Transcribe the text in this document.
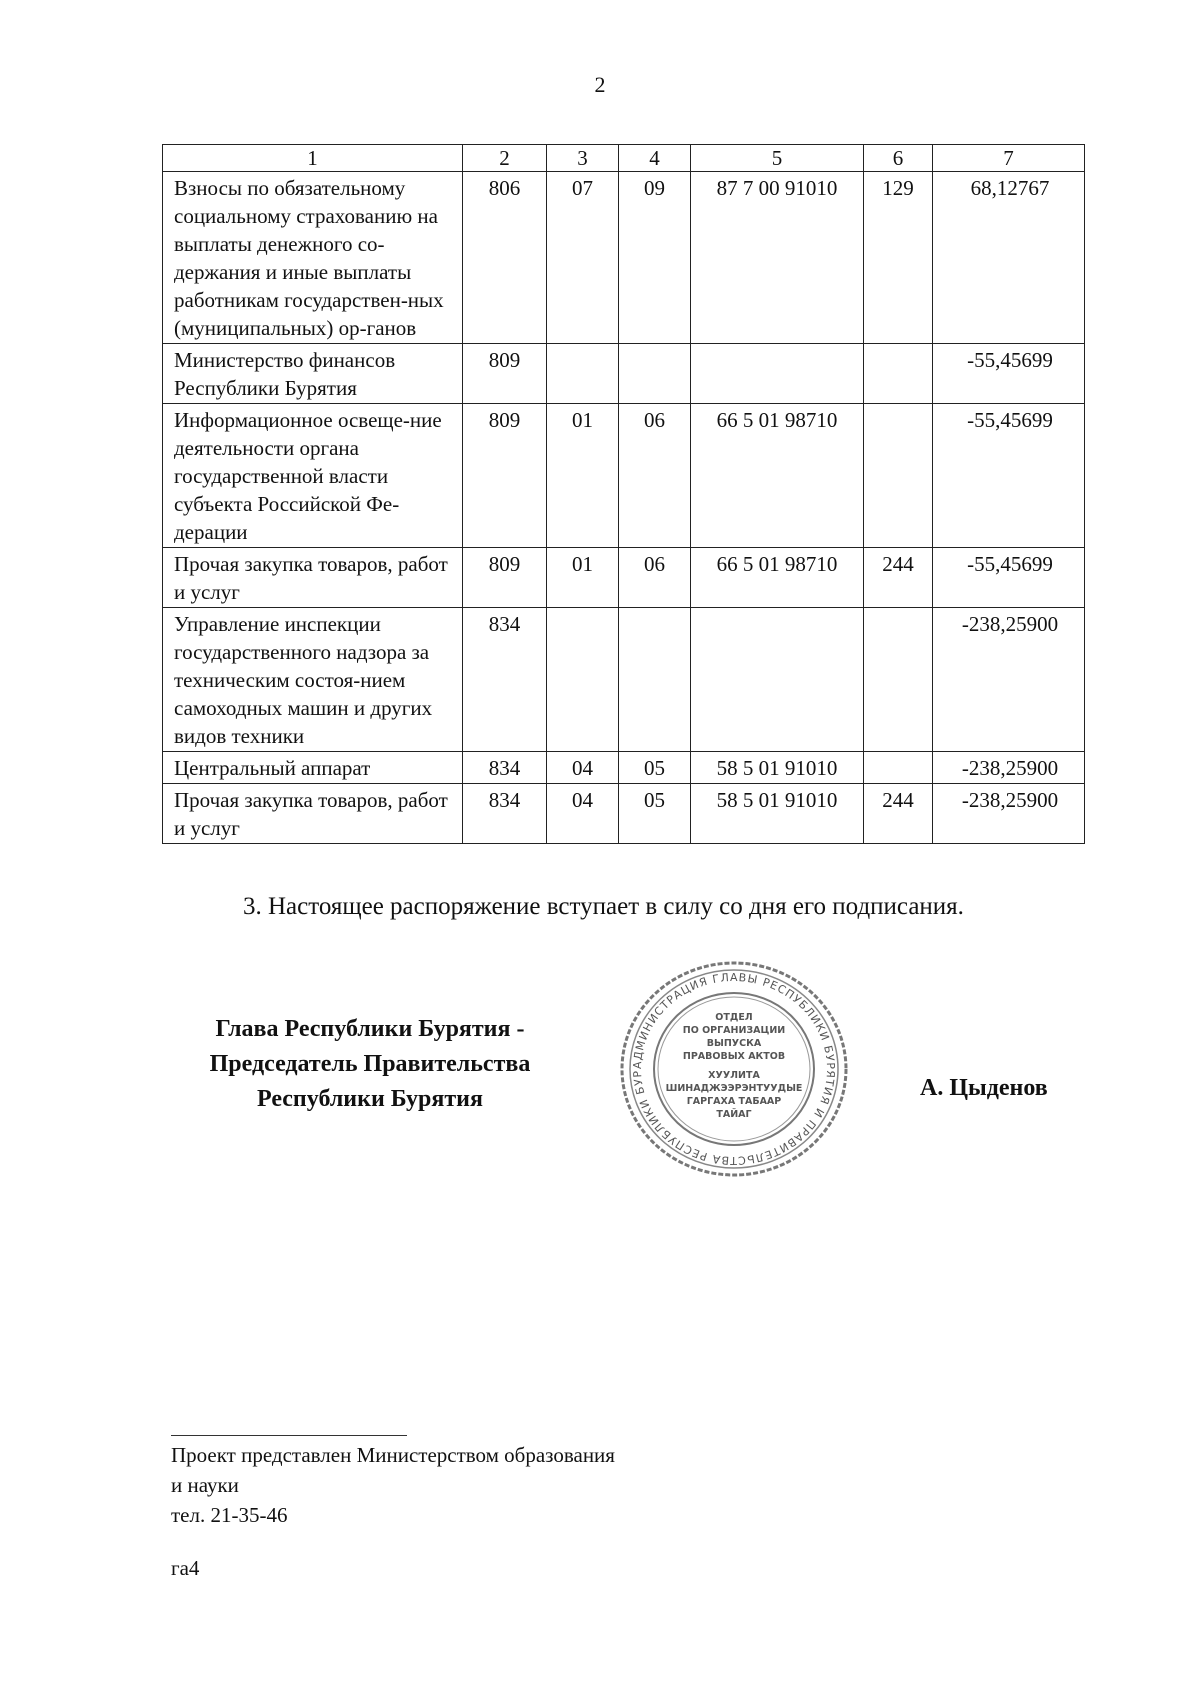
2
1	2	3	4	5	6	7
Взносы по обязательному социальному страхованию на выплаты денежного со-держания и иные выплаты работникам государствен-ных (муниципальных) ор-ганов	806	07	09	87 7 00 91010	129	68,12767
Министерство финансов Республики Бурятия	809					-55,45699
Информационное освеще-ние деятельности органа государственной власти субъекта Российской Фе-дерации	809	01	06	66 5 01 98710		-55,45699
Прочая закупка товаров, работ и услуг	809	01	06	66 5 01 98710	244	-55,45699
Управление инспекции государственного надзора за техническим состоя-нием самоходных машин и других видов техники	834					-238,25900
Центральный аппарат	834	04	05	58 5 01 91010		-238,25900
Прочая закупка товаров, работ и услуг	834	04	05	58 5 01 91010	244	-238,25900
3. Настоящее распоряжение вступает в силу со дня его подписания.
Глава Республики Бурятия -
Председатель Правительства
Республики Бурятия
АДМИНИСТРАЦИЯ ГЛАВЫ РЕСПУБЛИКИ БУРЯТИЯ И ПРАВИТЕЛЬСТВА РЕСПУБЛИКИ БУР
ОТДЕЛ
ПО ОРГАНИЗАЦИИ
ВЫПУСКА
ПРАВОВЫХ АКТОВ
ХУУЛИТА
ШИНАДЖЭЭРЭНТУУДЫЕ
ГАРГАХА ТАБААР
ТАЙАГ
А. Цыденов
Проект представлен Министерством образования
и науки
тел. 21-35-46
га4
